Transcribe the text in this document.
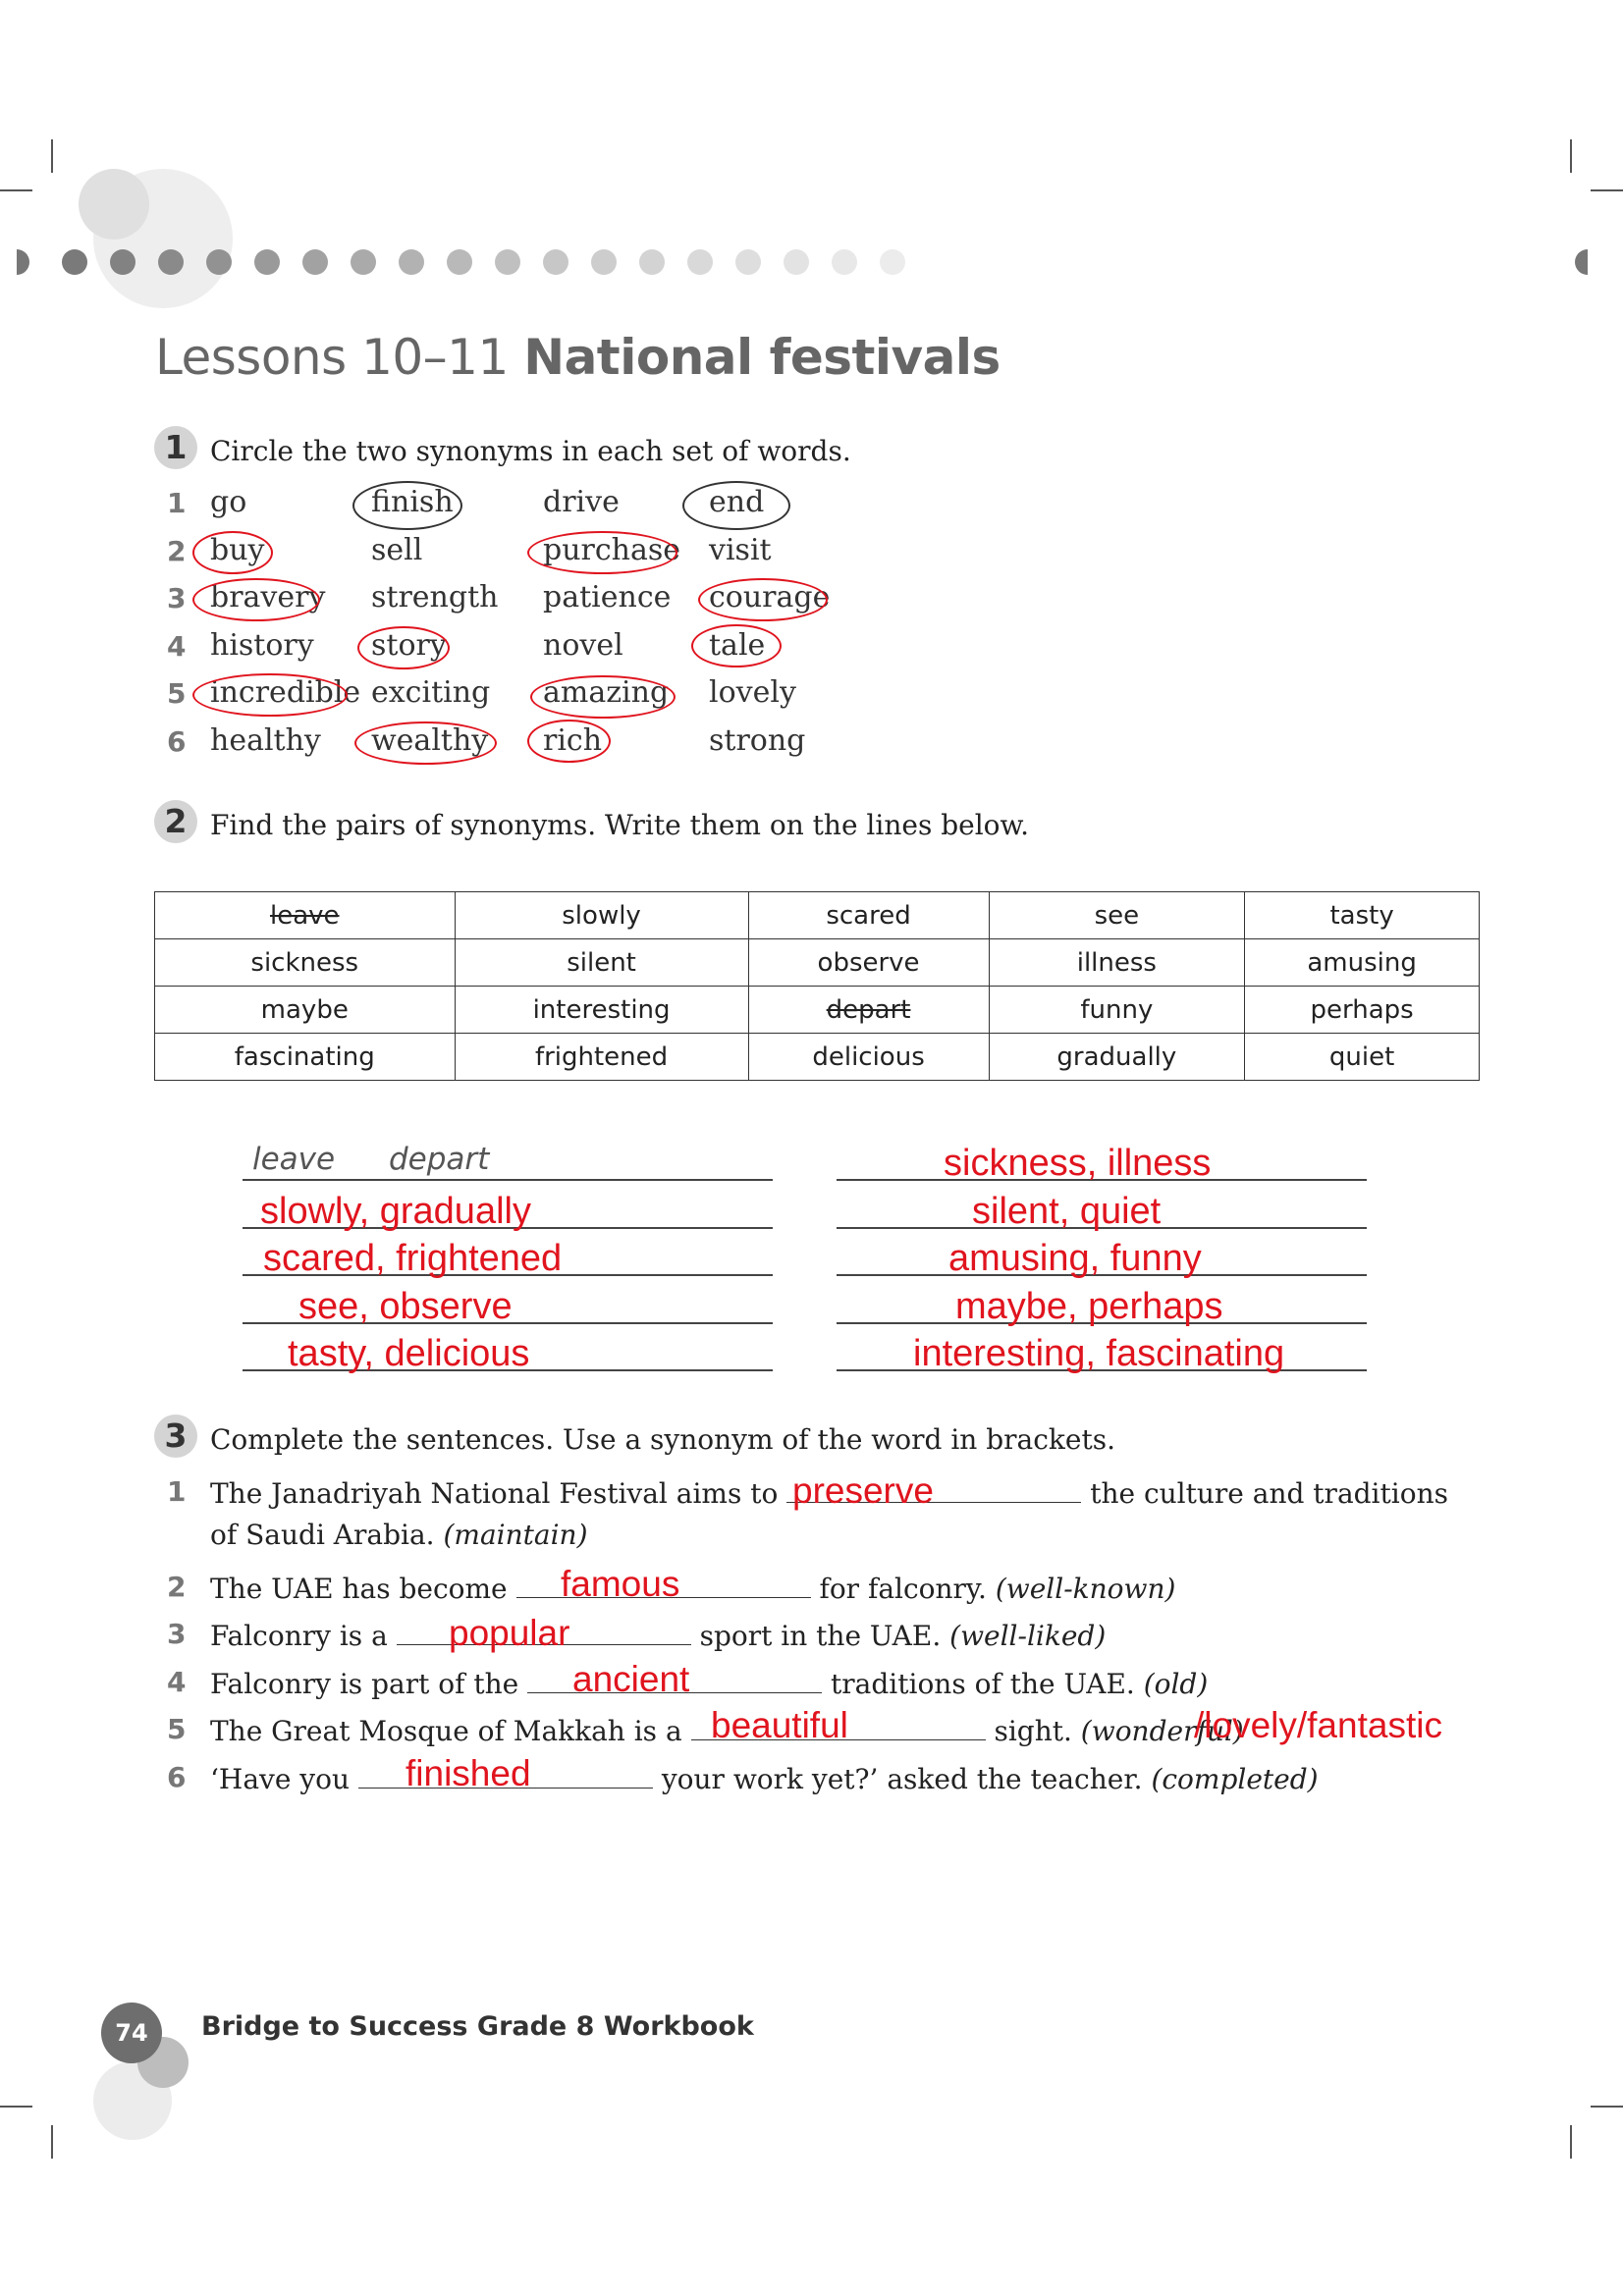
Lessons 10–11 National festivals
1 Circle the two synonyms in each set of words.
1
2
3
4
5
6
go	finish	drive	end
buy	sell	purchase visit
bravery strength patience courage
history story	novel	tale
incredible exciting amazing lovely
healthy wealthy rich	strong
2 Find the pairs of synonyms. Write them on the lines below.
leave	slowly	scared	see	tasty
sickness	silent	observe	illness	amusing
maybe	interesting	depart	funny	perhaps
fascinating	frightened	delicious	gradually	quiet
leave depart
slowly, gradually
scared, frightened
see, observe
tasty, delicious
sickness, illness
silent, quiet
amusing, funny
maybe, perhaps
interesting, fascinating
3 Complete the sentences. Use a synonym of the word in brackets.
1 The Janadriyah National Festival aims to	the culture and traditions
of Saudi Arabia. (maintain)
preserve
2 The UAE has become	for falconry. (well-known)
famous
3 Falconry is a	sport in the UAE. (well-liked)
popular
4 Falconry is part of the	traditions of the UAE. (old)
ancient
5 The Great Mosque of Makkah is a	sight. (wonderful)
beautiful	/lovely/fantastic
6 ‘Have you	your work yet?’ asked the teacher. (completed)
finished
74	Bridge to Success Grade 8 Workbook
